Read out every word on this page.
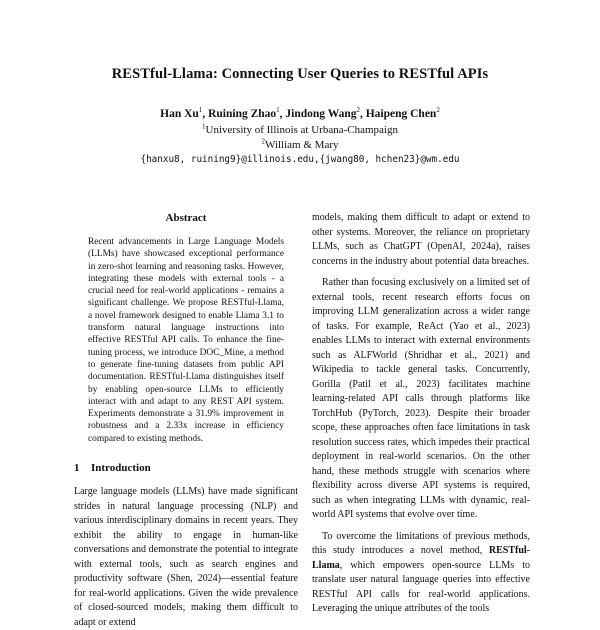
RESTful-Llama: Connecting User Queries to RESTful APIs
Han Xu$^1$, Ruining Zhao$^1$, Jindong Wang$^2$, Haipeng Chen$^2$
$^1$University of Illinois at Urbana-Champaign
$^2$William & Mary
{hanxu8, ruining9}@illinois.edu,{jwang80, hchen23}@wm.edu
Abstract
Recent advancements in Large Language Models (LLMs) have showcased exceptional performance in zero-shot learning and reasoning tasks. However, integrating these models with external tools - a crucial need for real-world applications - remains a significant challenge. We propose RESTful-Llama, a novel framework designed to enable Llama 3.1 to transform natural language instructions into effective RESTful API calls. To enhance the fine-tuning process, we introduce DOC_Mine, a method to generate fine-tuning datasets from public API documentation. RESTful-Llama distinguishes itself by enabling open-source LLMs to efficiently interact with and adapt to any REST API system. Experiments demonstrate a 31.9% improvement in robustness and a 2.33x increase in efficiency compared to existing methods.
1 Introduction

Large language models (LLMs) have made significant strides in natural language processing (NLP) and various interdisciplinary domains in recent years. They exhibit the ability to engage in human-like conversations and demonstrate the potential to integrate with external tools, such as search engines and productivity software (Shen, 2024)—essential feature for real-world applications. Given the wide prevalence of closed-sourced models, making them difficult to adapt or extend

models, making them difficult to adapt or extend to other systems. Moreover, the reliance on proprietary LLMs, such as ChatGPT (OpenAI, 2024a), raises concerns in the industry about potential data breaches.

Rather than focusing exclusively on a limited set of external tools, recent research efforts focus on improving LLM generalization across a wider range of tasks. For example, ReAct (Yao et al., 2023) enables LLMs to interact with external environments such as ALFWorld (Shridhar et al., 2021) and Wikipedia to tackle general tasks. Concurrently, Gorilla (Patil et al., 2023) facilitates machine learning-related API calls through platforms like TorchHub (PyTorch, 2023). Despite their broader scope, these approaches often face limitations in task resolution success rates, which impedes their practical deployment in real-world scenarios. On the other hand, these methods struggle with scenarios where flexibility across diverse API systems is required, such as when integrating LLMs with dynamic, real-world API systems that evolve over time.

To overcome the limitations of previous methods, this study introduces a novel method, RESTful-Llama, which empowers open-source LLMs to translate user natural language queries into effective RESTful API calls for real-world applications. Leveraging the unique attributes of the tools
